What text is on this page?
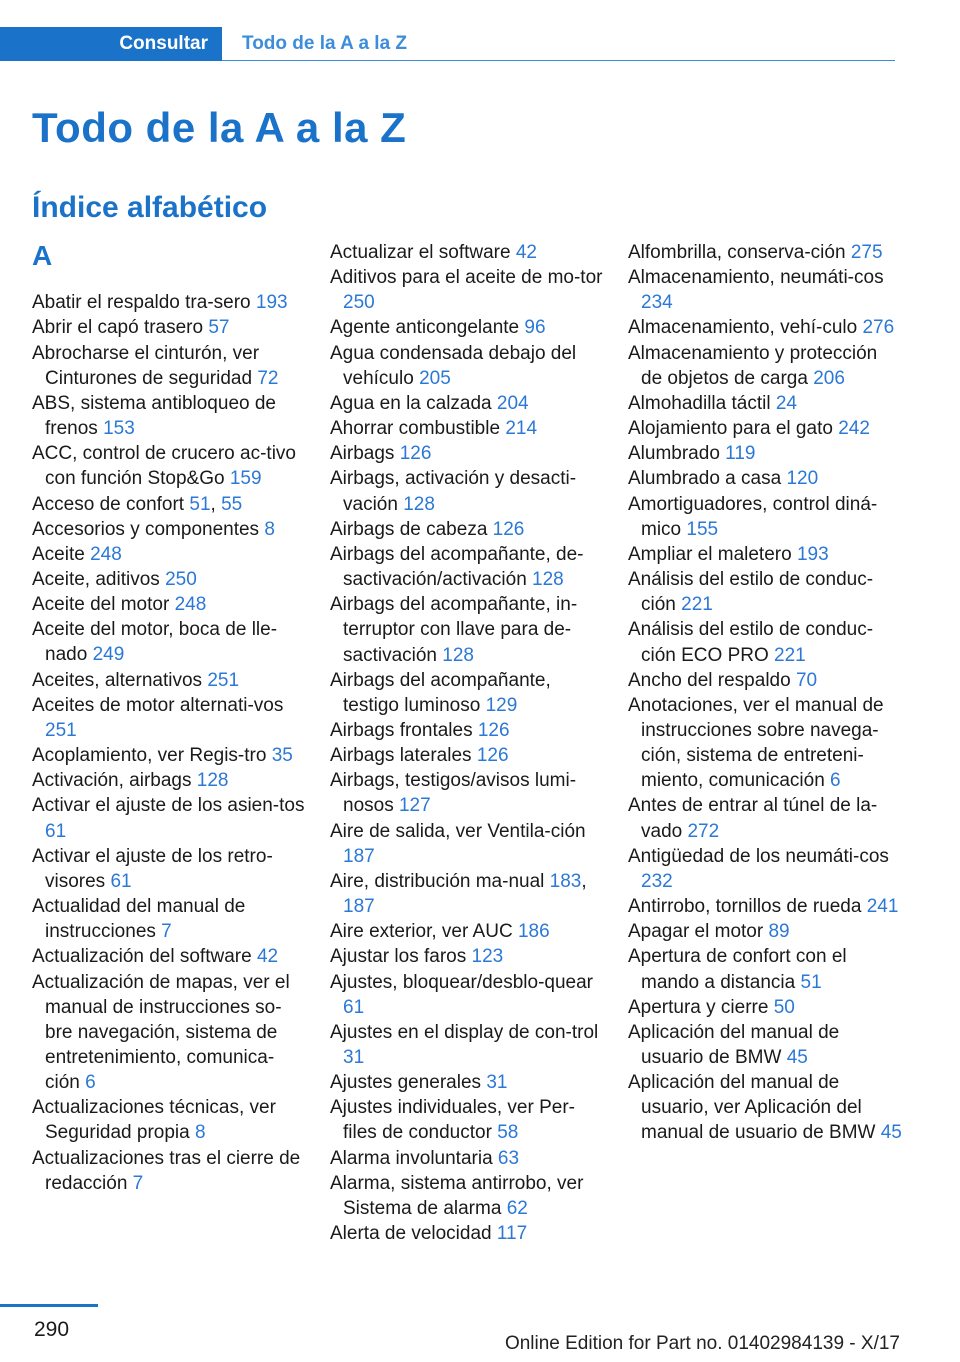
Consultar	Todo de la A a la Z
Todo de la A a la Z
Índice alfabético
A
Abatir el respaldo tra-sero 193
Abrir el capó trasero 57
Abrocharse el cinturón, ver Cinturones de seguridad 72
ABS, sistema antibloqueo de frenos 153
ACC, control de crucero ac-tivo con función Stop&Go 159
Acceso de confort 51, 55
Accesorios y componentes 8
Aceite 248
Aceite, aditivos 250
Aceite del motor 248
Aceite del motor, boca de lle-nado 249
Aceites, alternativos 251
Aceites de motor alternati-vos 251
Acoplamiento, ver Regis-tro 35
Activación, airbags 128
Activar el ajuste de los asien-tos 61
Activar el ajuste de los retro-visores 61
Actualidad del manual de instrucciones 7
Actualización del software 42
Actualización de mapas, ver el manual de instrucciones so-bre navegación, sistema de entretenimiento, comunica-ción 6
Actualizaciones técnicas, ver Seguridad propia 8
Actualizaciones tras el cierre de redacción 7
Actualizar el software 42
Aditivos para el aceite de mo-tor 250
Agente anticongelante 96
Agua condensada debajo del vehículo 205
Agua en la calzada 204
Ahorrar combustible 214
Airbags 126
Airbags, activación y desacti-vación 128
Airbags de cabeza 126
Airbags del acompañante, de-sactivación/activación 128
Airbags del acompañante, in-terruptor con llave para de-sactivación 128
Airbags del acompañante, testigo luminoso 129
Airbags frontales 126
Airbags laterales 126
Airbags, testigos/avisos lumi-nosos 127
Aire de salida, ver Ventila-ción 187
Aire, distribución ma-nual 183, 187
Aire exterior, ver AUC 186
Ajustar los faros 123
Ajustes, bloquear/desblo-quear 61
Ajustes en el display de con-trol 31
Ajustes generales 31
Ajustes individuales, ver Per-files de conductor 58
Alarma involuntaria 63
Alarma, sistema antirrobo, ver Sistema de alarma 62
Alerta de velocidad 117
Alfombrilla, conserva-ción 275
Almacenamiento, neumáti-cos 234
Almacenamiento, vehí-culo 276
Almacenamiento y protección de objetos de carga 206
Almohadilla táctil 24
Alojamiento para el gato 242
Alumbrado 119
Alumbrado a casa 120
Amortiguadores, control diná-mico 155
Ampliar el maletero 193
Análisis del estilo de conduc-ción 221
Análisis del estilo de conduc-ción ECO PRO 221
Ancho del respaldo 70
Anotaciones, ver el manual de instrucciones sobre navega-ción, sistema de entreteni-miento, comunicación 6
Antes de entrar al túnel de la-vado 272
Antigüedad de los neumáti-cos 232
Antirrobo, tornillos de rueda 241
Apagar el motor 89
Apertura de confort con el mando a distancia 51
Apertura y cierre 50
Aplicación del manual de usuario de BMW 45
Aplicación del manual de usuario, ver Aplicación del manual de usuario de BMW 45
290
Online Edition for Part no. 01402984139 - X/17
